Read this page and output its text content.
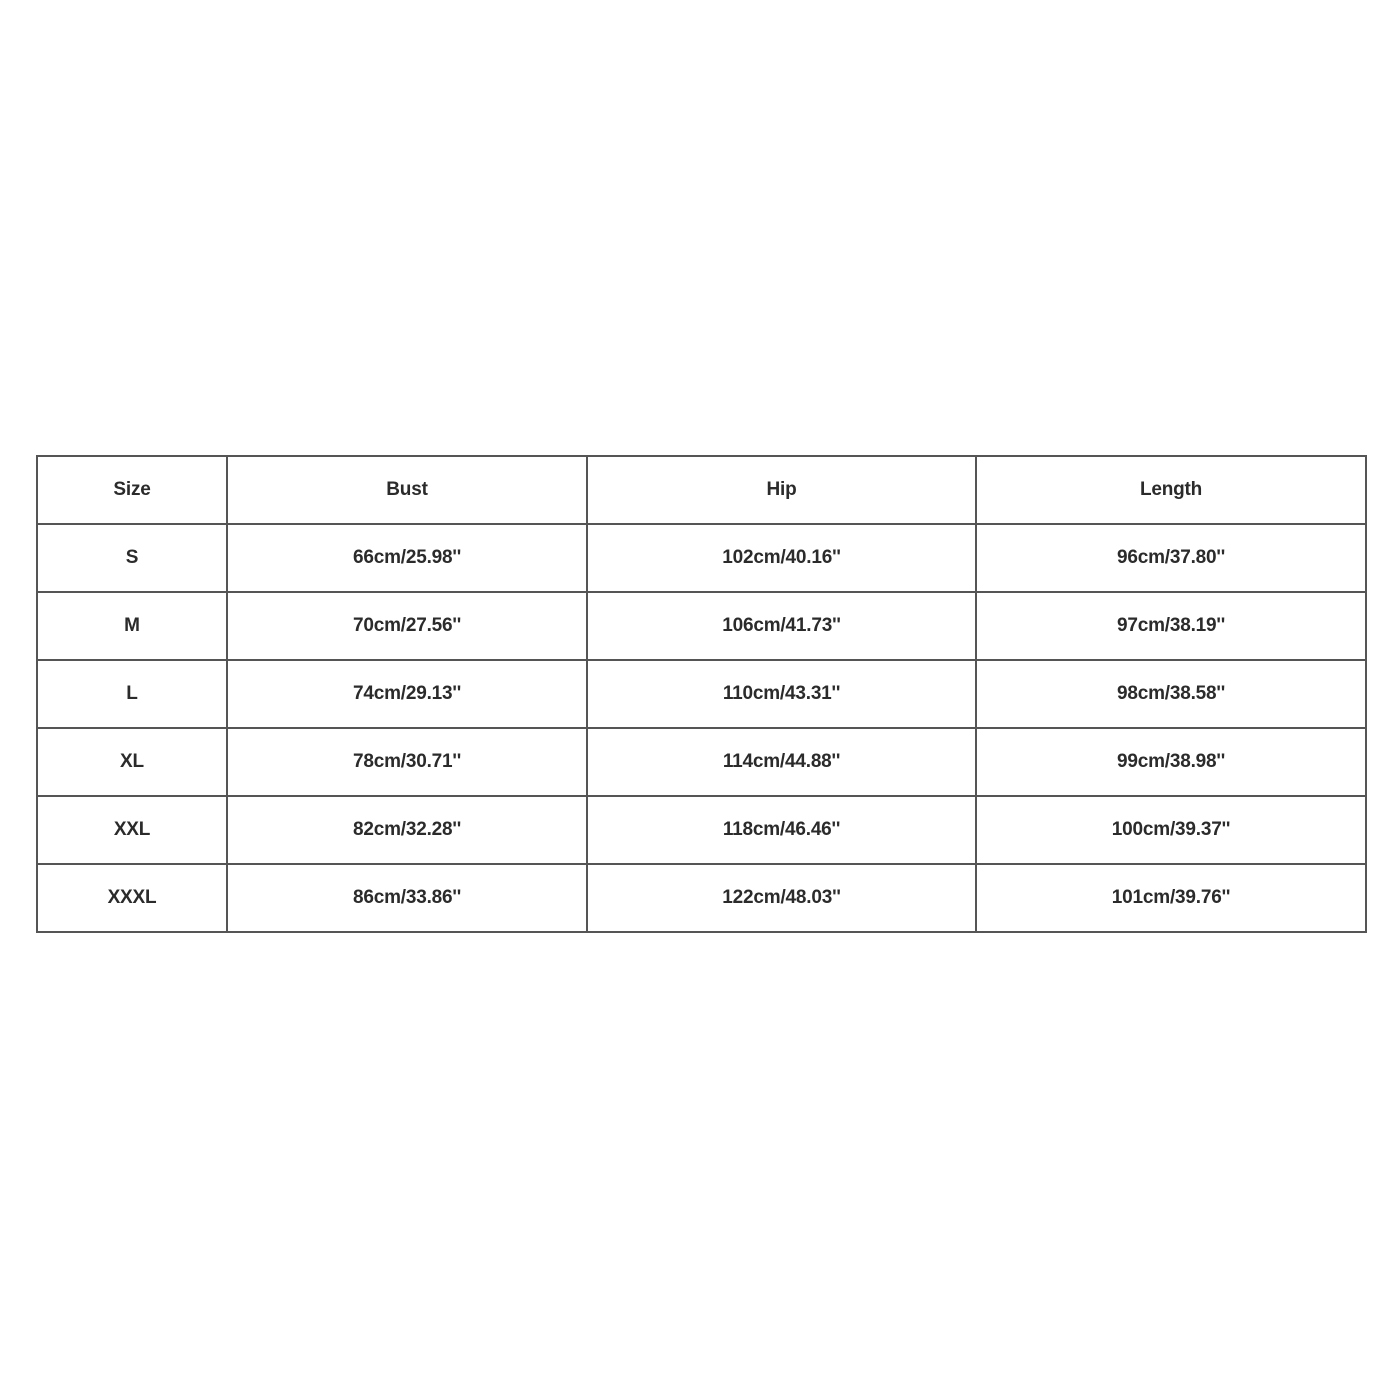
Size	Bust	Hip	Length
S	66cm/25.98''	102cm/40.16''	96cm/37.80''
M	70cm/27.56''	106cm/41.73''	97cm/38.19''
L	74cm/29.13''	110cm/43.31''	98cm/38.58''
XL	78cm/30.71''	114cm/44.88''	99cm/38.98''
XXL	82cm/32.28''	118cm/46.46''	100cm/39.37''
XXXL	86cm/33.86''	122cm/48.03''	101cm/39.76''
